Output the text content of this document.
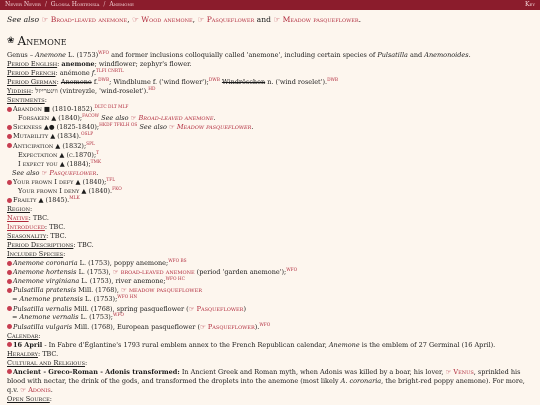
Never Never / Glossa Hortensia / Anemone	Key
See also ☞ Broad-leaved anemone, ☞ Wood anemone, ☞ Pasqueflower and ☞ Meadow pasqueflower.
❀ Anemone
Genus – Anemone L. $(1753)^{WFO}$ and former inclusions colloquially called 'anemone', including certain species of Pulsatilla and Anemonoides.
Period English: anemone; windflower; zephyr's flower.
Period French: anémone f.$^{TLFI CNRTL}$
Period German: Anemone f.$^{DWB}$; Windblume f. ('wind flower');$^{DWB}$ Windröschen n. ('wind roselet').$^{DWB}$
Yiddish: ווינטרייזל (vintreyzle, 'wind-roselet').$^{HD}$
Sentiments:
Abandon ■ (1810-1852).$^{DLTC DLT MLF}$
Forsaken ▲ (1840);$^{FACOW}$ See also ☞ Broad-leaved anemone.
Sickness ▲● (1825-1840);$^{HKDF TFKLH OS}$ See also ☞ Meadow pasqueflower.
Mutability ▲ (1834).$^{OSLP}$
Anticipation ▲ (1832);$^{SPL}$
Expectation ▲ (c.1870);$^T$
I expect you ▲ (1884);$^{TMK}$
See also ☞ Pasqueflower.
Your frown I defy ▲ (1840);$^{TFL}$
Your frown I deny ▲ (1840).$^{FKO}$
Frailty ▲ (1845).$^{MLK}$
Region:
Native: TBC.
Introduced: TBC.
Seasonality: TBC.
Period Descriptions: TBC.
Included Species:
Anemone coronaria L. (1753), poppy anemone;$^{WFO BS}$
Anemone hortensis L. (1753), ☞ broad-leaved anemone (period 'garden anemone');$^{WFO}$
Anemone virginiana L. (1753), river anemone;$^{WFO HC}$
Pulsatilla pratensis Mill. (1768), ☞ meadow pasqueflower
= Anemone pratensis L. (1753);$^{WFO HN}$
Pulsatilla vernalis Mill. (1768), spring pasqueflower (☞ Pasqueflower)
= Anemone vernalis L. (1753);$^{WFO}$
Pulsatilla vulgaris Mill. (1768), European pasqueflower (☞ Pasqueflower).$^{WFO}$
Calendar:
16 April - In Fabre d'Églantine's 1793 rural emblem annex to the French Republican calendar, Anemone is the emblem of 27 Germinal (16 April).
Heraldry: TBC.
Cultural and Religious:
Ancient - Greco-Roman - Adonis transformed: In Ancient Greek and Roman myth, when Adonis was killed by a boar, his lover, ☞ Venus, sprinkled his blood with nectar, the drink of the gods, and transformed the droplets into the anemone (most likely A. coronaria, the bright-red poppy anemone). For more, q.v. ☞ Adonis.
Open Source:
